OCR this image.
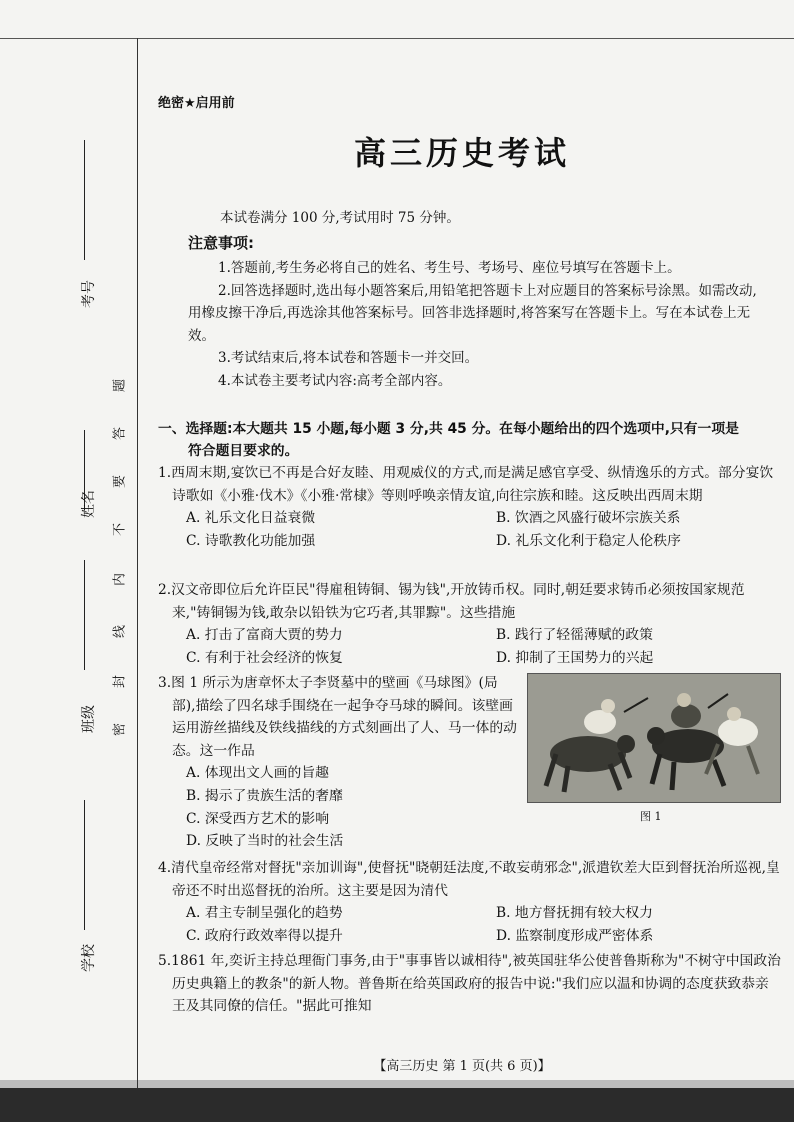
考号
姓名
班级
学校
密
封
线
内
不
要
答
题
绝密★启用前
高三历史考试
本试卷满分 100 分,考试用时 75 分钟。
注意事项:

1.答题前,考生务必将自己的姓名、考生号、考场号、座位号填写在答题卡上。

2.回答选择题时,选出每小题答案后,用铅笔把答题卡上对应题目的答案标号涂黑。如需改动,用橡皮擦干净后,再选涂其他答案标号。回答非选择题时,将答案写在答题卡上。写在本试卷上无效。

3.考试结束后,将本试卷和答题卡一并交回。

4.本试卷主要考试内容:高考全部内容。

一、选择题:本大题共 15 小题,每小题 3 分,共 45 分。在每小题给出的四个选项中,只有一项是
符合题目要求的。
1.西周末期,宴饮已不再是合好友睦、用观威仪的方式,而是满足感官享受、纵情逸乐的方式。部分宴饮诗歌如《小雅·伐木》《小雅·常棣》等则呼唤亲情友谊,向往宗族和睦。这反映出西周末期
A. 礼乐文化日益衰微	B. 饮酒之风盛行破坏宗族关系
C. 诗歌教化功能加强	D. 礼乐文化利于稳定人伦秩序
2.汉文帝即位后允许臣民"得雇租铸铜、锡为钱",开放铸币权。同时,朝廷要求铸币必须按国家规范来,"铸铜锡为钱,敢杂以铅铁为它巧者,其罪黥"。这些措施
A. 打击了富商大贾的势力	B. 践行了轻徭薄赋的政策
C. 有利于社会经济的恢复	D. 抑制了王国势力的兴起
3.图 1 所示为唐章怀太子李贤墓中的壁画《马球图》(局部),描绘了四名球手围绕在一起争夺马球的瞬间。该壁画运用游丝描线及铁线描线的方式刻画出了人、马一体的动态。这一作品
A. 体现出文人画的旨趣
B. 揭示了贵族生活的奢靡
C. 深受西方艺术的影响
D. 反映了当时的社会生活
图 1
4.清代皇帝经常对督抚"亲加训诲",使督抚"晓朝廷法度,不敢妄萌邪念",派遣钦差大臣到督抚治所巡视,皇帝还不时出巡督抚的治所。这主要是因为清代
A. 君主专制呈强化的趋势	B. 地方督抚拥有较大权力
C. 政府行政效率得以提升	D. 监察制度形成严密体系
5.1861 年,奕䜣主持总理衙门事务,由于"事事皆以诚相待",被英国驻华公使普鲁斯称为"不树守中国政治历史典籍上的教条"的新人物。普鲁斯在给英国政府的报告中说:"我们应以温和协调的态度获致恭亲王及其同僚的信任。"据此可推知
【高三历史 第 1 页(共 6 页)】
